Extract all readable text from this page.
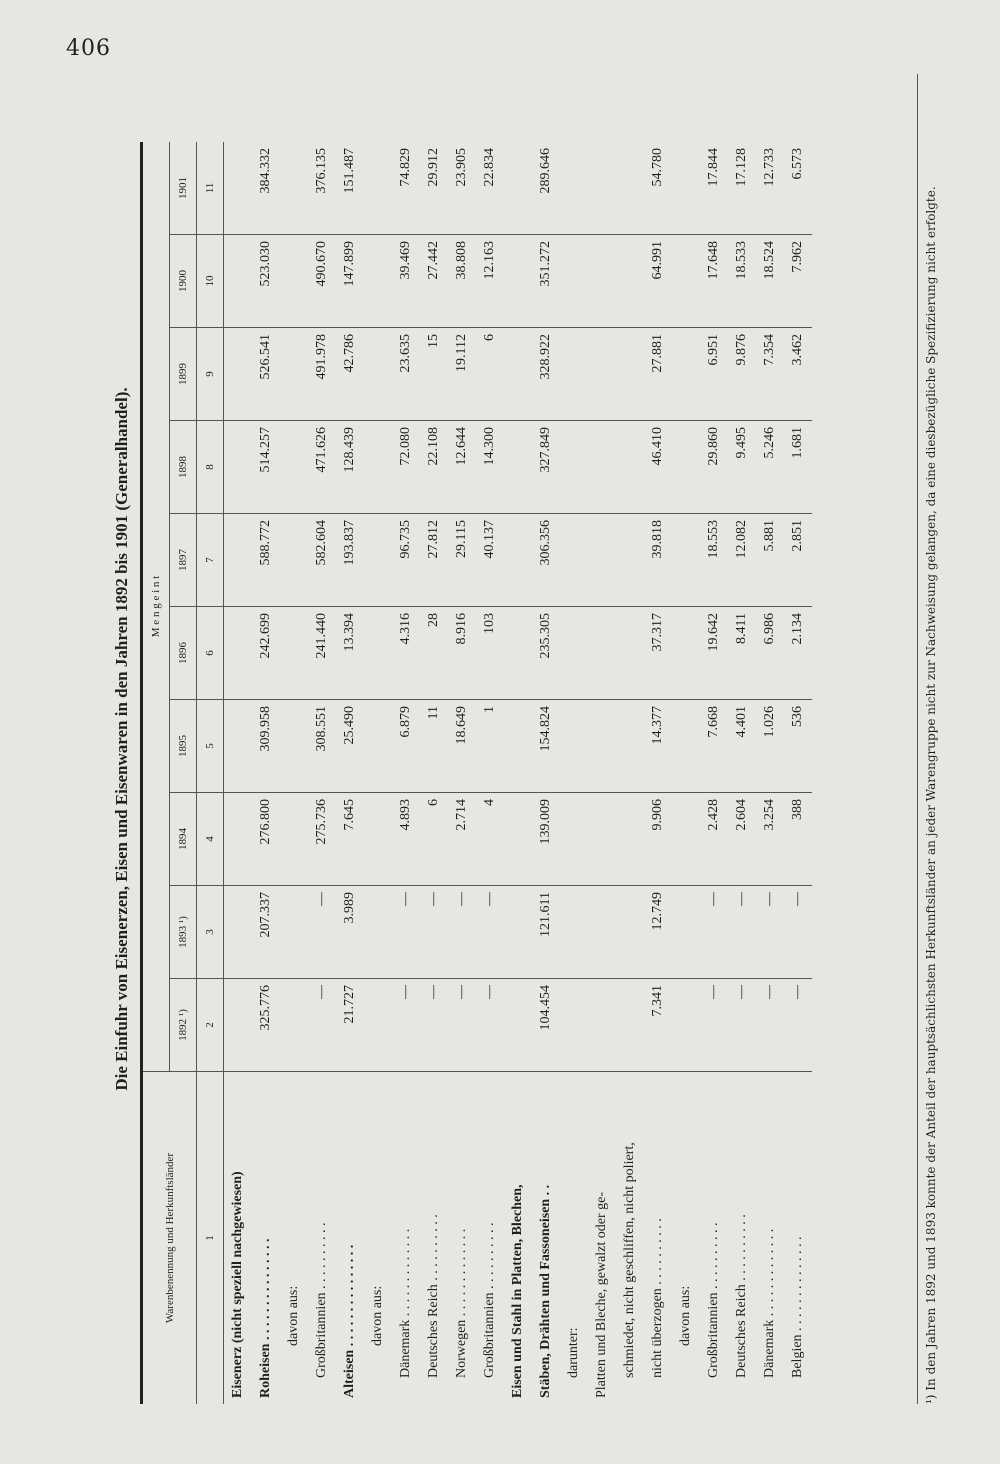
406
Die Einfuhr von Eisenerzen, Eisen und Eisenwaren in den Jahren 1892 bis 1901 (Generalhandel).
Warenbenennung und Herkunftsländer	M e n g e i n t									
	1892 ¹)	1893 ¹)	1894	1895	1896	1897	1898	1899	1900	1901
1	2	3	4	5	6	7	8	9	10	11
Eisenerz (nicht speziell nachgewiesen)										
Roheisen . . . . . . . . . . . . . . .	325.776	207.337	276.800	309.958	242.699	588.772	514.257	526.541	523.030	384.332
davon aus:										
Großbritannien . . . . . . . . . .	—	—	275.736	308.551	241.440	582.604	471.626	491.978	490.670	376.135
Alteisen . . . . . . . . . . . . . . .	21.727	3.989	7.645	25.490	13.394	193.837	128.439	42.786	147.899	151.487
davon aus:										
Dänemark . . . . . . . . . . . . .	—	—	4.893	6.879	4.316	96.735	72.080	23.635	39.469	74.829
Deutsches Reich . . . . . . . . . .	—	—	6	11	28	27.812	22.108	15	27.442	29.912
Norwegen . . . . . . . . . . . . .	—	—	2.714	18.649	8.916	29.115	12.644	19.112	38.808	23.905
Großbritannien . . . . . . . . . .	—	—	4	1	103	40.137	14.300	6	12.163	22.834
Eisen und Stahl in Platten, Blechen,										
Stäben, Drähten und Fassoneisen . .	104.454	121.611	139.009	154.824	235.305	306.356	327.849	328.922	351.272	289.646
darunter:										
Platten und Bleche, gewalzt oder ge-										
schmiedet, nicht geschliffen, nicht poliert,										
nicht überzogen . . . . . . . . . .	7.341	12.749	9.906	14.377	37.317	39.818	46.410	27.881	64.991	54.780
davon aus:										
Großbritannien . . . . . . . . . .	—	—	2.428	7.668	19.642	18.553	29.860	6.951	17.648	17.844
Deutsches Reich . . . . . . . . . .	—	—	2.604	4.401	8.411	12.082	9.495	9.876	18.533	17.128
Dänemark . . . . . . . . . . . . .	—	—	3.254	1.026	6.986	5.881	5.246	7.354	18.524	12.733
Belgien . . . . . . . . . . . . . .	—	—	388	536	2.134	2.851	1.681	3.462	7.962	6.573
¹) In den Jahren 1892 und 1893 konnte der Anteil der hauptsächlichsten Herkunftsländer an jeder Warengruppe nicht zur Nachweisung gelangen, da eine diesbezügliche Spezifizierung nicht erfolgte.
